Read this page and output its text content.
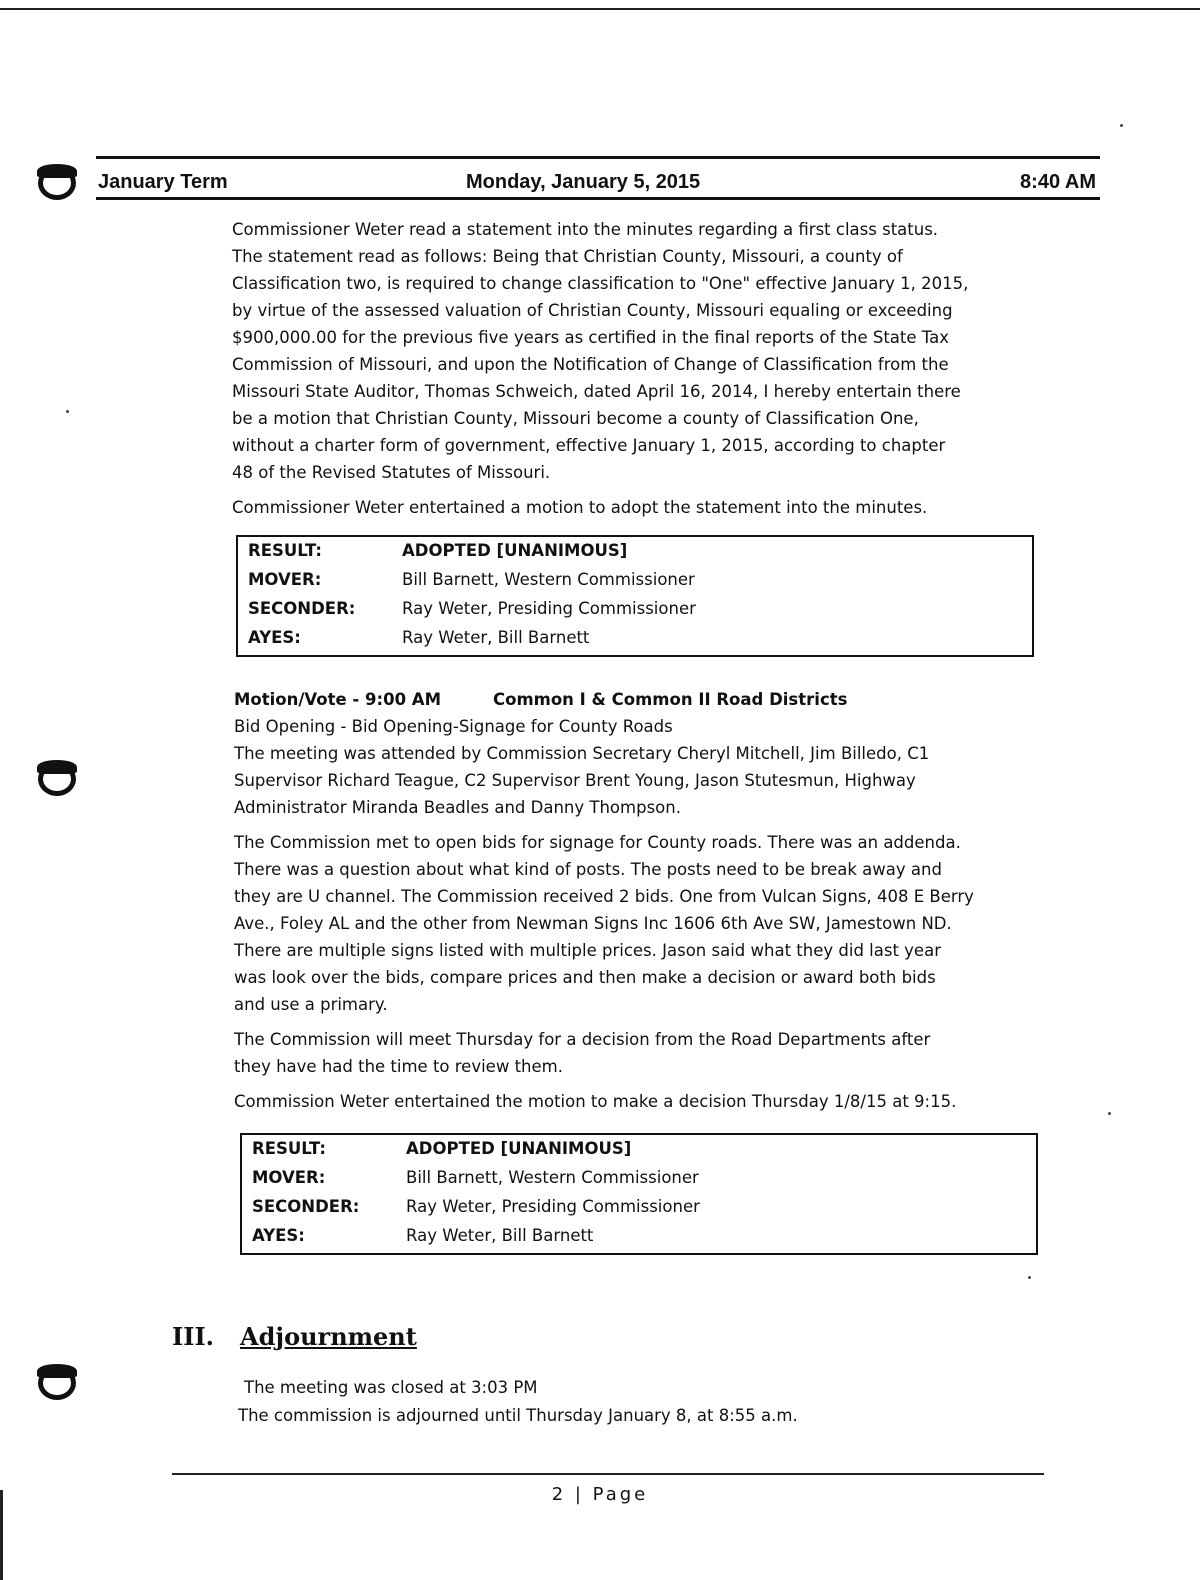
January Term	Monday, January 5, 2015	8:40 AM
Commissioner Weter read a statement into the minutes regarding a first class status.
The statement read as follows: Being that Christian County, Missouri, a county of
Classification two, is required to change classification to "One" effective January 1, 2015,
by virtue of the assessed valuation of Christian County, Missouri equaling or exceeding
$900,000.00 for the previous five years as certified in the final reports of the State Tax
Commission of Missouri, and upon the Notification of Change of Classification from the
Missouri State Auditor, Thomas Schweich, dated April 16, 2014, I hereby entertain there
be a motion that Christian County, Missouri become a county of Classification One,
without a charter form of government, effective January 1, 2015, according to chapter
48 of the Revised Statutes of Missouri.
Commissioner Weter entertained a motion to adopt the statement into the minutes.
RESULT:	ADOPTED [UNANIMOUS]
MOVER:	Bill Barnett, Western Commissioner
SECONDER:	Ray Weter, Presiding Commissioner
AYES:	Ray Weter, Bill Barnett
Motion/Vote - 9:00 AM	Common I & Common II Road Districts
Bid Opening - Bid Opening-Signage for County Roads
The meeting was attended by Commission Secretary Cheryl Mitchell, Jim Billedo, C1
Supervisor Richard Teague, C2 Supervisor Brent Young, Jason Stutesmun, Highway
Administrator Miranda Beadles and Danny Thompson.
The Commission met to open bids for signage for County roads. There was an addenda.
There was a question about what kind of posts. The posts need to be break away and
they are U channel. The Commission received 2 bids. One from Vulcan Signs, 408 E Berry
Ave., Foley AL and the other from Newman Signs Inc 1606 6th Ave SW, Jamestown ND.
There are multiple signs listed with multiple prices. Jason said what they did last year
was look over the bids, compare prices and then make a decision or award both bids
and use a primary.
The Commission will meet Thursday for a decision from the Road Departments after
they have had the time to review them.
Commission Weter entertained the motion to make a decision Thursday 1/8/15 at 9:15.
RESULT:	ADOPTED [UNANIMOUS]
MOVER:	Bill Barnett, Western Commissioner
SECONDER:	Ray Weter, Presiding Commissioner
AYES:	Ray Weter, Bill Barnett
III. Adjournment
The meeting was closed at 3:03 PM
The commission is adjourned until Thursday January 8, at 8:55 a.m.
2 | Page
